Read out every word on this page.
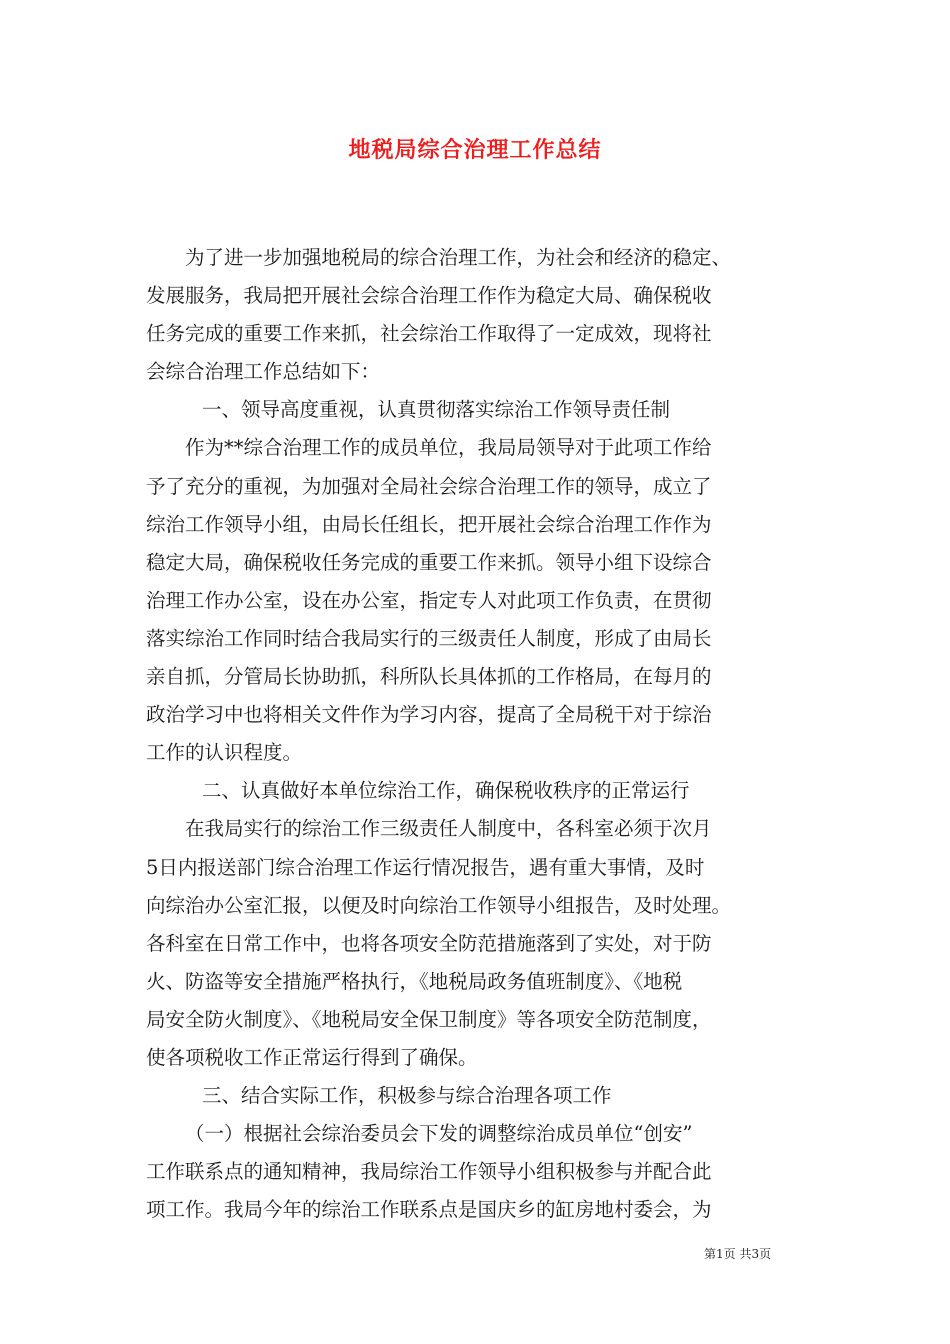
地税局综合治理工作总结
为了进一步加强地税局的综合治理工作，为社会和经济的稳定、
发展服务，我局把开展社会综合治理工作作为稳定大局、确保税收
任务完成的重要工作来抓，社会综治工作取得了一定成效，现将社
会综合治理工作总结如下：
一、领导高度重视，认真贯彻落实综治工作领导责任制
作为**综合治理工作的成员单位，我局局领导对于此项工作给
予了充分的重视，为加强对全局社会综合治理工作的领导，成立了
综治工作领导小组，由局长任组长，把开展社会综合治理工作作为
稳定大局，确保税收任务完成的重要工作来抓。领导小组下设综合
治理工作办公室，设在办公室，指定专人对此项工作负责，在贯彻
落实综治工作同时结合我局实行的三级责任人制度，形成了由局长
亲自抓，分管局长协助抓，科所队长具体抓的工作格局，在每月的
政治学习中也将相关文件作为学习内容，提高了全局税干对于综治
工作的认识程度。
二、认真做好本单位综治工作，确保税收秩序的正常运行
在我局实行的综治工作三级责任人制度中，各科室必须于次月
5日内报送部门综合治理工作运行情况报告，遇有重大事情，及时
向综治办公室汇报，以便及时向综治工作领导小组报告，及时处理。
各科室在日常工作中，也将各项安全防范措施落到了实处，对于防
火、防盗等安全措施严格执行，《地税局政务值班制度》、《地税
局安全防火制度》、《地税局安全保卫制度》等各项安全防范制度，
使各项税收工作正常运行得到了确保。
三、结合实际工作，积极参与综合治理各项工作
（一）根据社会综治委员会下发的调整综治成员单位“创安”
工作联系点的通知精神，我局综治工作领导小组积极参与并配合此
项工作。我局今年的综治工作联系点是国庆乡的缸房地村委会，为
第1页 共3页
